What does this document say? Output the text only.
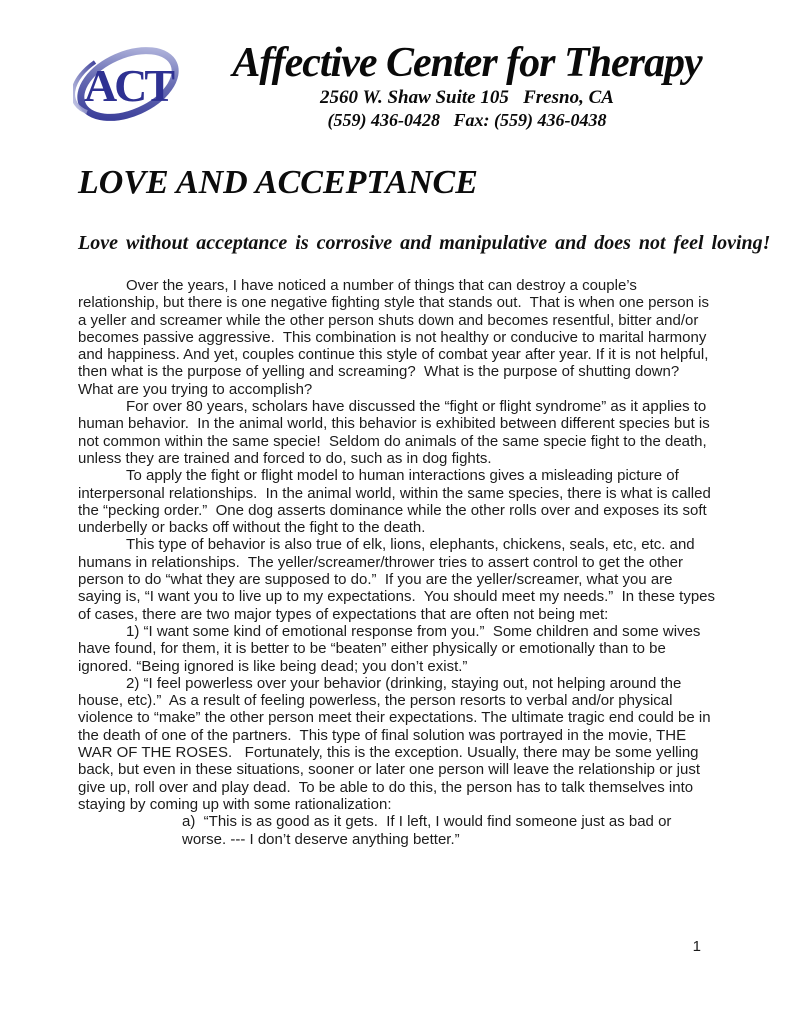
ACT	Affective Center for Therapy
2560 W. Shaw Suite 105   Fresno, CA
(559) 436-0428   Fax: (559) 436-0438
LOVE AND ACCEPTANCE
Love without acceptance is corrosive and manipulative and does not feel loving!

Over the years, I have noticed a number of things that can destroy a couple’s relationship, but there is one negative fighting style that stands out.  That is when one person is a yeller and screamer while the other person shuts down and becomes resentful, bitter and/or becomes passive aggressive.  This combination is not healthy or conducive to marital harmony and happiness. And yet, couples continue this style of combat year after year. If it is not helpful, then what is the purpose of yelling and screaming?  What is the purpose of shutting down?   What are you trying to accomplish?

For over 80 years, scholars have discussed the “fight or flight syndrome” as it applies to human behavior.  In the animal world, this behavior is exhibited between different species but is not common within the same specie!  Seldom do animals of the same specie fight to the death, unless they are trained and forced to do, such as in dog fights.

To apply the fight or flight model to human interactions gives a misleading picture of interpersonal relationships.  In the animal world, within the same species, there is what is called the “pecking order.”  One dog asserts dominance while the other rolls over and exposes its soft underbelly or backs off without the fight to the death.

This type of behavior is also true of elk, lions, elephants, chickens, seals, etc, etc. and humans in relationships.  The yeller/screamer/thrower tries to assert control to get the other person to do “what they are supposed to do.”  If you are the yeller/screamer, what you are saying is, “I want you to live up to my expectations.  You should meet my needs.”  In these types of cases, there are two major types of expectations that are often not being met:

1) “I want some kind of emotional response from you.”  Some children and some wives have found, for them, it is better to be “beaten” either physically or emotionally than to be ignored. “Being ignored is like being dead; you don’t exist.”

2) “I feel powerless over your behavior (drinking, staying out, not helping around the house, etc).”  As a result of feeling powerless, the person resorts to verbal and/or physical violence to “make” the other person meet their expectations. The ultimate tragic end could be in the death of one of the partners.  This type of final solution was portrayed in the movie, THE WAR OF THE ROSES.   Fortunately, this is the exception. Usually, there may be some yelling back, but even in these situations, sooner or later one person will leave the relationship or just give up, roll over and play dead.  To be able to do this, the person has to talk themselves into staying by coming up with some rationalization:

a)  “This is as good as it gets.  If I left, I would find someone just as bad or worse. --- I don’t deserve anything better.”

1
